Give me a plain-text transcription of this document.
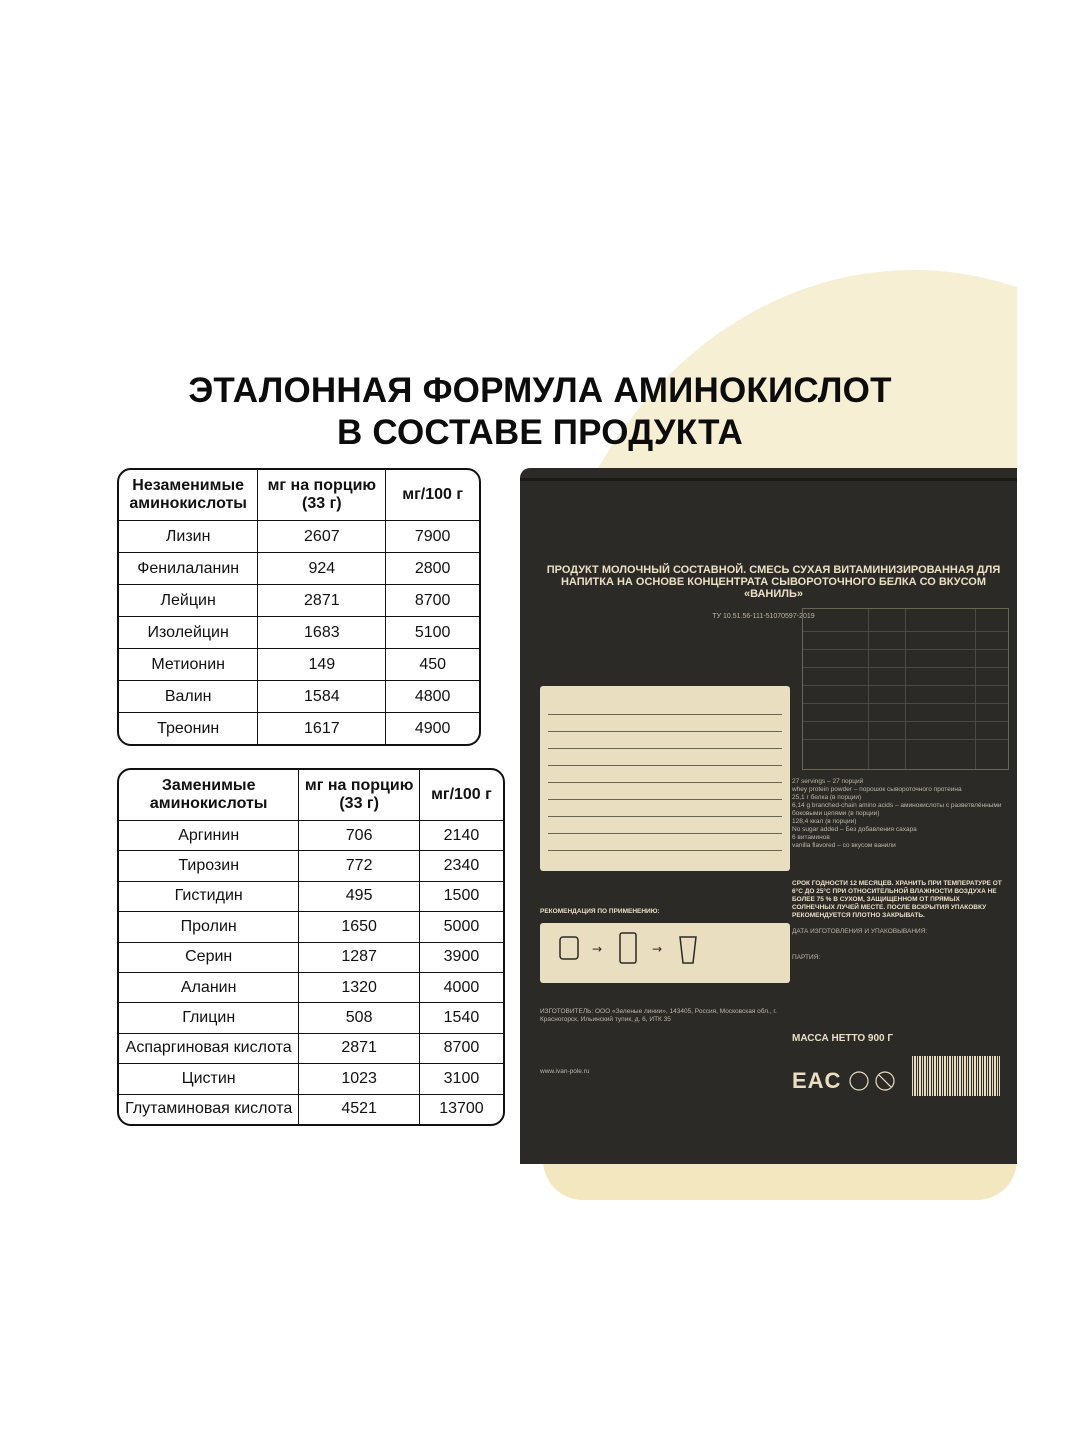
ЭТАЛОННАЯ ФОРМУЛА АМИНОКИСЛОТ
В СОСТАВЕ ПРОДУКТА
Незаменимые аминокислоты	мг на порцию (33 г)	мг/100 г
Лизин	2607	7900
Фенилаланин	924	2800
Лейцин	2871	8700
Изолейцин	1683	5100
Метионин	149	450
Валин	1584	4800
Треонин	1617	4900
Заменимые аминокислоты	мг на порцию (33 г)	мг/100 г
Аргинин	706	2140
Тирозин	772	2340
Гистидин	495	1500
Пролин	1650	5000
Серин	1287	3900
Аланин	1320	4000
Глицин	508	1540
Аспаргиновая кислота	2871	8700
Цистин	1023	3100
Глутаминовая кислота	4521	13700
ПРОДУКТ МОЛОЧНЫЙ СОСТАВНОЙ. СМЕСЬ СУХАЯ ВИТАМИНИЗИРОВАННАЯ ДЛЯ НАПИТКА НА ОСНОВЕ КОНЦЕНТРАТА СЫВОРОТОЧНОГО БЕЛКА СО ВКУСОМ «ВАНИЛЬ»
ТУ 10.51.56-111-51070597-2019
27 servings – 27 порций
whey protein powder – порошок сывороточного протеина
25,1 г белка (в порции)
6,14 g branched-chain amino acids – аминокислоты с разветвлёнными боковыми цепями (в порции)
128,4 ккал (в порции)
No sugar added – Без добавления сахара
6 витаминов
vanilla flavored – со вкусом ванили
СРОК ГОДНОСТИ 12 МЕСЯЦЕВ. ХРАНИТЬ ПРИ ТЕМПЕРАТУРЕ ОТ 6°С ДО 25°С ПРИ ОТНОСИТЕЛЬНОЙ ВЛАЖНОСТИ ВОЗДУХА НЕ БОЛЕЕ 75 % В СУХОМ, ЗАЩИЩЕННОМ ОТ ПРЯМЫХ СОЛНЕЧНЫХ ЛУЧЕЙ МЕСТЕ. ПОСЛЕ ВСКРЫТИЯ УПАКОВКУ РЕКОМЕНДУЕТСЯ ПЛОТНО ЗАКРЫВАТЬ.
ДАТА ИЗГОТОВЛЕНИЯ И УПАКОВЫВАНИЯ:
ПАРТИЯ:
РЕКОМЕНДАЦИЯ ПО ПРИМЕНЕНИЮ:
→	→
ИЗГОТОВИТЕЛЬ: ООО «Зеленые линии», 143405, Россия, Московская обл., г. Красногорск, Ильинский тупик, д. 6, ИТК 35
www.ivan-pole.ru
МАССА НЕТТО 900 Г
EAC
